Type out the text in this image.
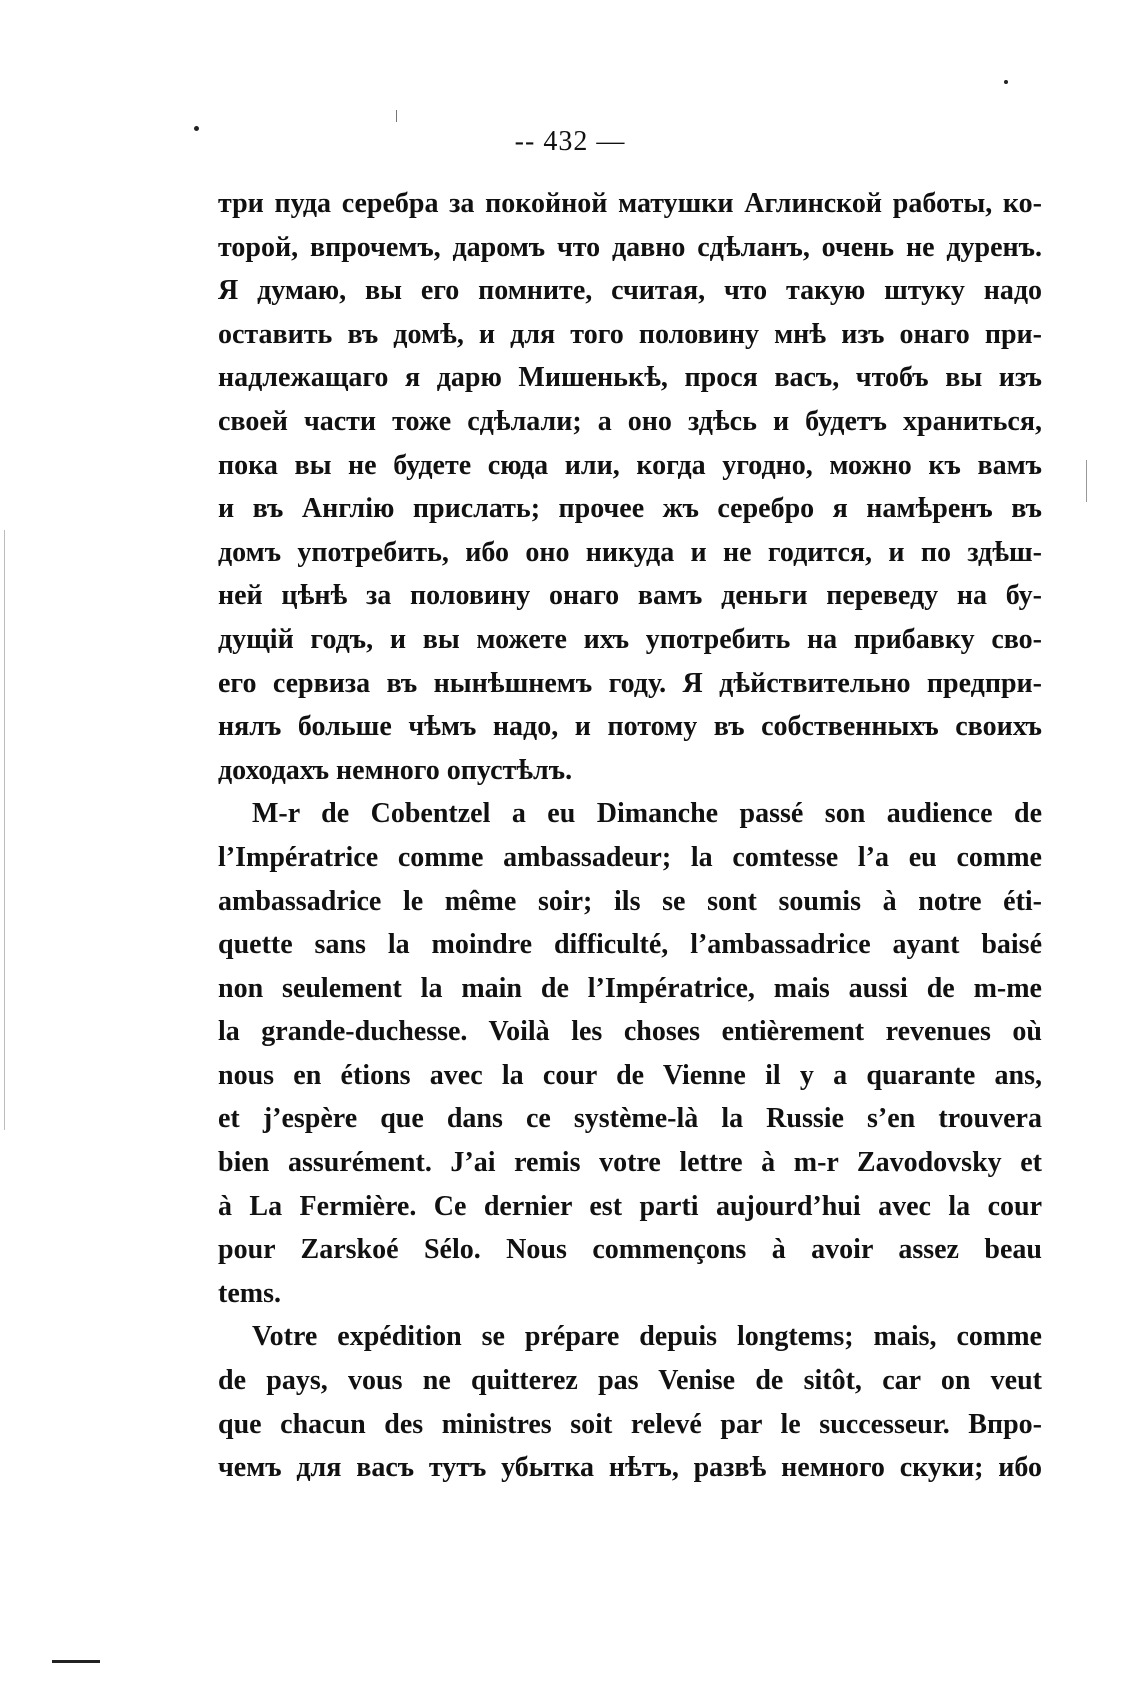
-- 432 —
три пуда серебра за покойной матушки Аглинской работы, ко-
торой, впрочемъ, даромъ что давно сдѣланъ, очень не дуренъ.
Я думаю, вы его помните, считая, что такую штуку надо
оставить въ домѣ, и для того половину мнѣ изъ онаго при-
надлежащаго я дарю Мишенькѣ, прося васъ, чтобъ вы изъ
своей части тоже сдѣлали; а оно здѣсь и будетъ храниться,
пока вы не будете сюда или, когда угодно, можно къ вамъ
и въ Англію прислать; прочее жъ серебро я намѣренъ въ
домъ употребить, ибо оно никуда и не годится, и по здѣш-
ней цѣнѣ за половину онаго вамъ деньги переведу на бу-
дущій годъ, и вы можете ихъ употребить на прибавку сво-
его сервиза въ нынѣшнемъ году. Я дѣйствительно предпри-
нялъ больше чѣмъ надо, и потому въ собственныхъ своихъ
доходахъ немного опустѣлъ.
M-r de Cobentzel a eu Dimanche passé son audience de
l’Impératrice comme ambassadeur; la comtesse l’a eu comme
ambassadrice le même soir; ils se sont soumis à notre éti-
quette sans la moindre difficulté, l’ambassadrice ayant baisé
non seulement la main de l’Impératrice, mais aussi de m-me
la grande-duchesse. Voilà les choses entièrement revenues où
nous en étions avec la cour de Vienne il y a quarante ans,
et j’espère que dans ce système-là la Russie s’en trouvera
bien assurément. J’ai remis votre lettre à m-r Zavodovsky et
à La Fermière. Ce dernier est parti aujourd’hui avec la cour
pour Zarskoé Sélo. Nous commençons à avoir assez beau
tems.
Votre expédition se prépare depuis longtems; mais, comme
de pays, vous ne quitterez pas Venise de sitôt, car on veut
que chacun des ministres soit relevé par le successeur. Впро-
чемъ для васъ тутъ убытка нѣтъ, развѣ немного скуки; ибо
